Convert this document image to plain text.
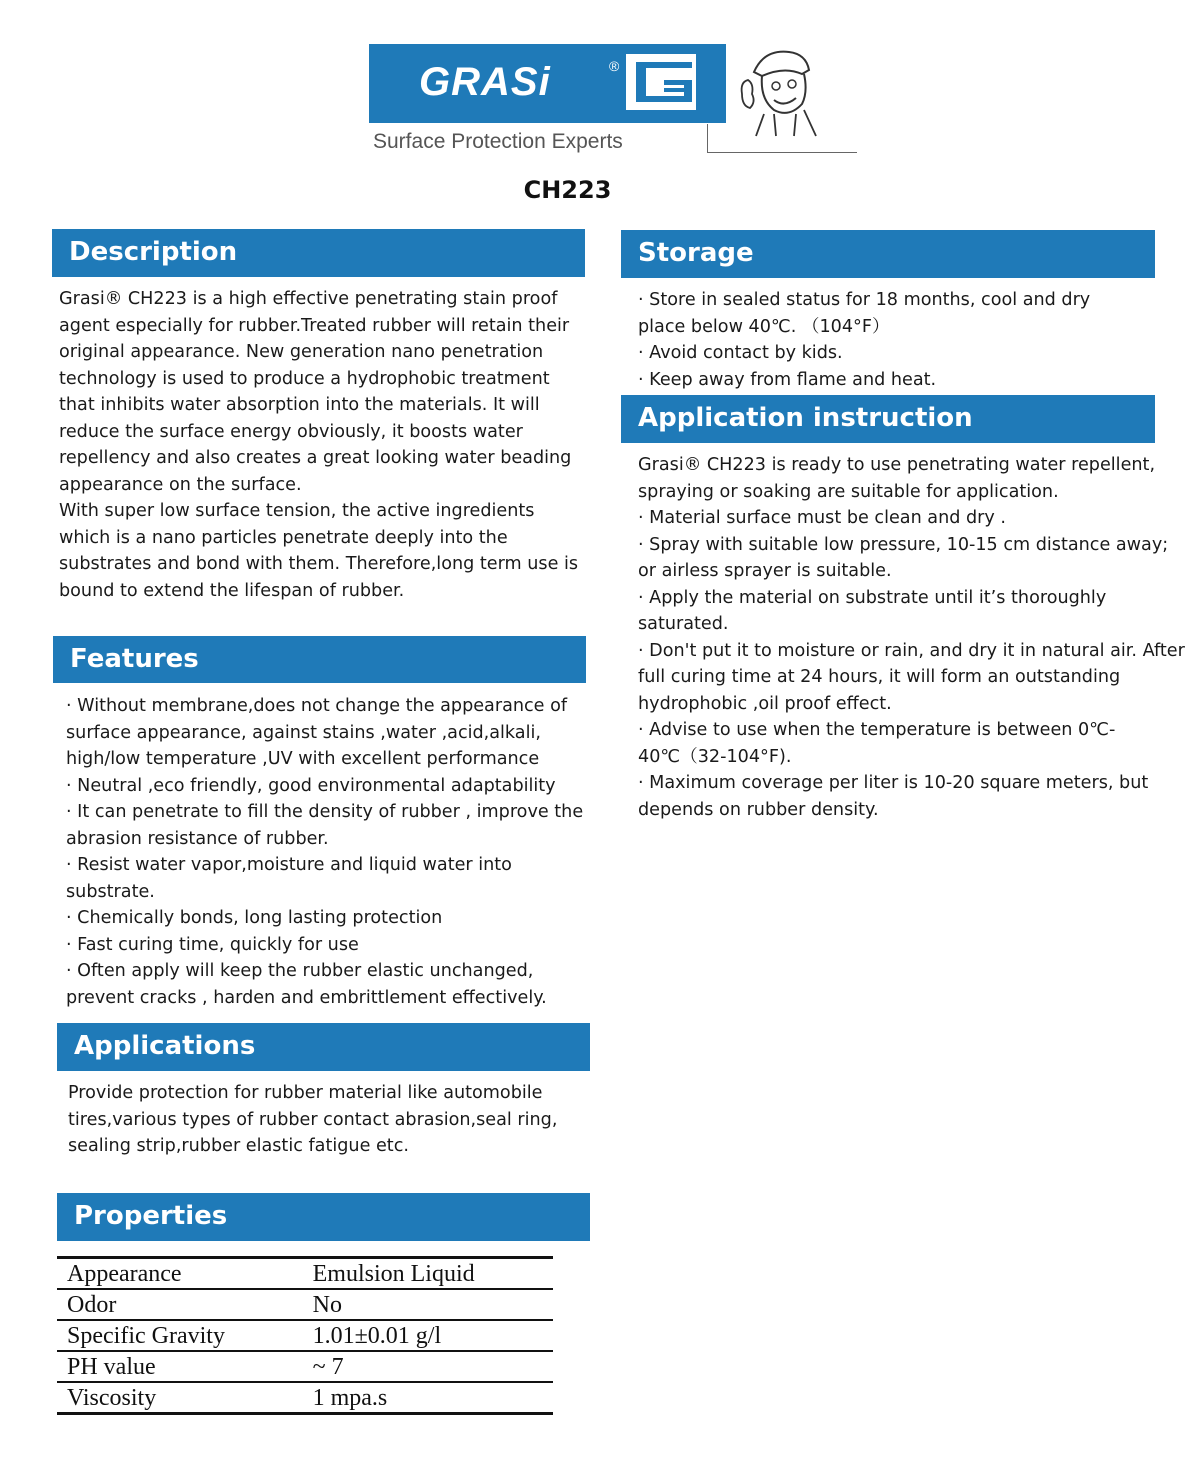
GRASi	®
Surface Protection Experts
CH223
Description

Grasi® CH223 is a high effective penetrating stain proof agent especially for rubber.Treated rubber will retain their original appearance. New generation nano penetration technology is used to produce a hydrophobic treatment that inhibits water absorption into the materials. It will reduce the surface energy obviously, it boosts water repellency and also creates a great looking water beading appearance on the surface.

With super low surface tension, the active ingredients which is a nano particles penetrate deeply into the substrates and bond with them. Therefore,long term use is bound to extend the lifespan of rubber.

Features

· Without membrane,does not change the appearance of surface appearance, against stains ,water ,acid,alkali, high/low temperature ,UV with excellent performance

· Neutral ,eco friendly, good environmental adaptability

· It can penetrate to fill the density of rubber , improve the abrasion resistance of rubber.

· Resist water vapor,moisture and liquid water into substrate.

· Chemically bonds, long lasting protection

· Fast curing time, quickly for use

· Often apply will keep the rubber elastic unchanged, prevent cracks , harden and embrittlement effectively.

Applications
Provide protection for rubber material like automobile tires,various types of rubber contact abrasion,seal ring, sealing strip,rubber elastic fatigue etc.
Properties
Appearance	Emulsion Liquid
Odor	No
Specific Gravity	1.01±0.01 g/l
PH value	~ 7
Viscosity	1 mpa.s
Storage

· Store in sealed status for 18 months, cool and dry place below 40℃. （104°F）

· Avoid contact by kids.

· Keep away from flame and heat.

Application instruction

Grasi® CH223 is ready to use penetrating water repellent, spraying or soaking are suitable for application.

· Material surface must be clean and dry .

· Spray with suitable low pressure, 10-15 cm distance away; or airless sprayer is suitable.

· Apply the material on substrate until it’s thoroughly saturated.

· Don't put it to moisture or rain, and dry it in natural air. After full curing time at 24 hours, it will form an outstanding hydrophobic ,oil proof effect.

· Advise to use when the temperature is between 0℃- 40℃（32-104°F).

· Maximum coverage per liter is 10-20 square meters, but depends on rubber density.
